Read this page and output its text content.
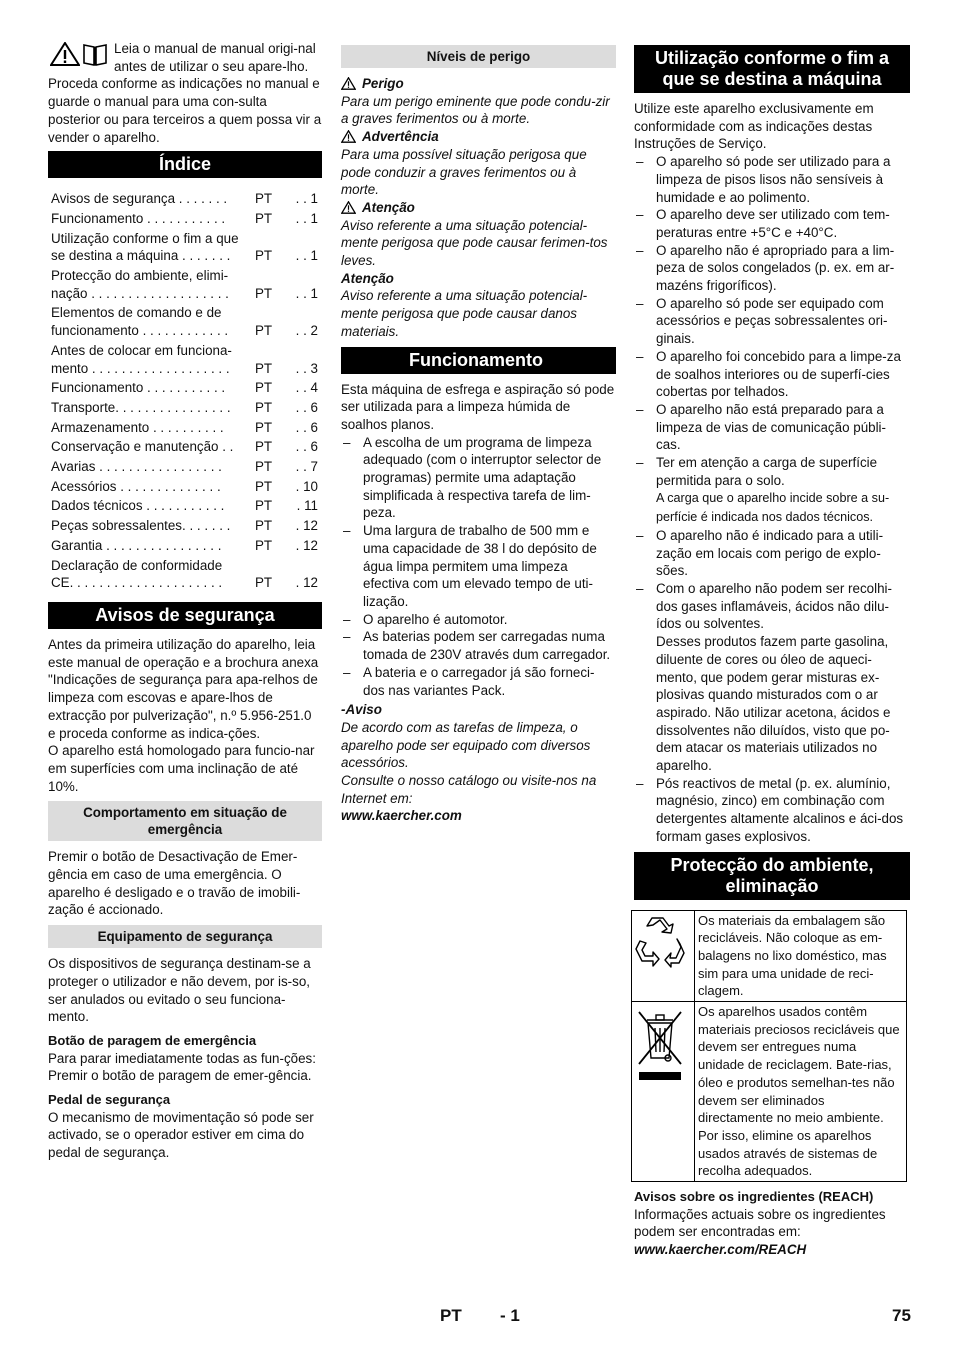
Leia o manual de manual origi-nal antes de utilizar o seu apare-lho. Proceda conforme as indicações no manual e guarde o manual para uma con-sulta posterior ou para terceiros a quem possa vir a vender o aparelho.

Índice
Avisos de segurança . . . . . . .	PT	. . 1
Funcionamento . . . . . . . . . . .	PT	. . 1
Utilização conforme o fim a que se destina a máquina . . . . . . .	PT	. . 1
Protecção do ambiente, elimi-nação . . . . . . . . . . . . . . . . . . .	PT	. . 1
Elementos de comando e de funcionamento . . . . . . . . . . . .	PT	. . 2
Antes de colocar em funciona-mento . . . . . . . . . . . . . . . . . . .	PT	. . 3
Funcionamento . . . . . . . . . . .	PT	. . 4
Transporte. . . . . . . . . . . . . . . .	PT	. . 6
Armazenamento . . . . . . . . . .	PT	. . 6
Conservação e manutenção . .	PT	. . 6
Avarias . . . . . . . . . . . . . . . . .	PT	. . 7
Acessórios . . . . . . . . . . . . . .	PT	. 10
Dados técnicos . . . . . . . . . . .	PT	. 11
Peças sobressalentes. . . . . . .	PT	. 12
Garantia . . . . . . . . . . . . . . . .	PT	. 12
Declaração de conformidade CE. . . . . . . . . . . . . . . . . . . . .	PT	. 12
Avisos de segurança

Antes da primeira utilização do aparelho, leia este manual de operação e a brochura anexa "Indicações de segurança para apa-relhos de limpeza com escovas e apare-lhos de extracção por pulverização", n.º 5.956-251.0 e proceda conforme as indica-ções.

O aparelho está homologado para funcio-nar em superfícies com uma inclinação de até 10%.

Comportamento em situação de emergência

Premir o botão de Desactivação de Emer-gência em caso de uma emergência. O aparelho é desligado e o travão de imobili-zação é accionado.

Equipamento de segurança

Os dispositivos de segurança destinam-se a proteger o utilizador e não devem, por is-so, ser anulados ou evitado o seu funciona-mento.

Botão de paragem de emergência

Para parar imediatamente todas as fun-ções: Premir o botão de paragem de emer-gência.

Pedal de segurança

O mecanismo de movimentação só pode ser activado, se o operador estiver em cima do pedal de segurança.

Níveis de perigo

Perigo

Para um perigo eminente que pode condu-zir a graves ferimentos ou à morte.

Advertência

Para uma possível situação perigosa que pode conduzir a graves ferimentos ou à morte.

Atenção

Aviso referente a uma situação potencial-mente perigosa que pode causar ferimen-tos leves.

Atenção

Aviso referente a uma situação potencial-mente perigosa que pode causar danos materiais.

Funcionamento

Esta máquina de esfrega e aspiração só pode ser utilizada para a limpeza húmida de soalhos planos.

– A escolha de um programa de limpeza adequado (com o interruptor selector de programas) permite uma adaptação simplificada à respectiva tarefa de lim-peza.

– Uma largura de trabalho de 500 mm e uma capacidade de 38 l do depósito de água limpa permitem uma limpeza efectiva com um elevado tempo de uti-lização.

– O aparelho é automotor.

– As baterias podem ser carregadas numa tomada de 230V através dum carregador.

– A bateria e o carregador já são forneci-dos nas variantes Pack.

-Aviso

De acordo com as tarefas de limpeza, o aparelho pode ser equipado com diversos acessórios.

Consulte o nosso catálogo ou visite-nos na Internet em:

www.kaercher.com

Utilização conforme o fim a que se destina a máquina

Utilize este aparelho exclusivamente em conformidade com as indicações destas Instruções de Serviço.

– O aparelho só pode ser utilizado para a limpeza de pisos lisos não sensíveis à humidade e ao polimento.

– O aparelho deve ser utilizado com tem-peraturas entre +5°C e +40°C.

– O aparelho não é apropriado para a lim-peza de solos congelados (p. ex. em ar-mazéns frigoríficos).

– O aparelho só pode ser equipado com acessórios e peças sobressalentes ori-ginais.

– O aparelho foi concebido para a limpe-za de soalhos interiores ou de superfí-cies cobertas por telhados.

– O aparelho não está preparado para a limpeza de vias de comunicação públi-cas.

– Ter em atenção a carga de superfície permitida para o solo.
A carga que o aparelho incide sobre a su-perfície é indicada nos dados técnicos.

– O aparelho não é indicado para a utili-zação em locais com perigo de explo-sões.

– Com o aparelho não podem ser recolhi-dos gases inflamáveis, ácidos não dilu-ídos ou solventes.
Desses produtos fazem parte gasolina, diluente de cores ou óleo de aqueci-mento, que podem gerar misturas ex-plosivas quando misturados com o ar aspirado. Não utilizar acetona, ácidos e dissolventes não diluídos, visto que po-dem atacar os materiais utilizados no aparelho.

– Pós reactivos de metal (p. ex. alumínio, magnésio, zinco) em combinação com detergentes altamente alcalinos e áci-dos formam gases explosivos.

Protecção do ambiente, eliminação
	Os materiais da embalagem são recicláveis. Não coloque as em-balagens no lixo doméstico, mas sim para uma unidade de reci-clagem.
	Os aparelhos usados contêm materiais preciosos recicláveis que devem ser entregues numa unidade de reciclagem. Bate-rias, óleo e produtos semelhan-tes não devem ser eliminados directamente no meio ambiente. Por isso, elimine os aparelhos usados através de sistemas de recolha adequados.
Avisos sobre os ingredientes (REACH)

Informações actuais sobre os ingredientes podem ser encontradas em:

www.kaercher.com/REACH

PT - 1	75
